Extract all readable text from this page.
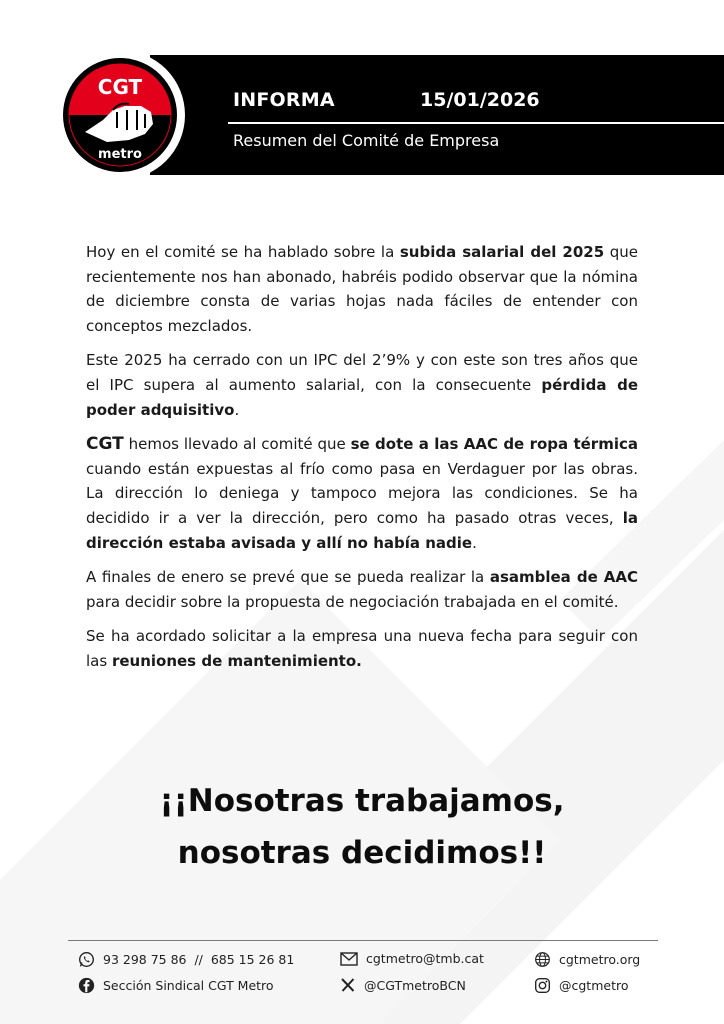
CGT
metro
INFORMA	15/01/2026
Resumen del Comité de Empresa

Hoy en el comité se ha hablado sobre la subida salarial del 2025 que recientemente nos han abonado, habréis podido observar que la nómina de diciembre consta de varias hojas nada fáciles de entender con conceptos mezclados.

Este 2025 ha cerrado con un IPC del 2’9% y con este son tres años que el IPC supera al aumento salarial, con la consecuente pérdida de poder adquisitivo.

CGT hemos llevado al comité que se dote a las AAC de ropa térmica cuando están expuestas al frío como pasa en Verdaguer por las obras. La dirección lo deniega y tampoco mejora las condiciones. Se ha decidido ir a ver la dirección, pero como ha pasado otras veces, la dirección estaba avisada y allí no había nadie.

A finales de enero se prevé que se pueda realizar la asamblea de AAC para decidir sobre la propuesta de negociación trabajada en el comité.

Se ha acordado solicitar a la empresa una nueva fecha para seguir con las reuniones de mantenimiento.

¡¡Nosotras trabajamos,
nosotras decidimos!!
93 298 75 86  //  685 15 26 81	cgtmetro@tmb.cat	cgtmetro.org
Sección Sindical CGT Metro	@CGTmetroBCN	@cgtmetro
